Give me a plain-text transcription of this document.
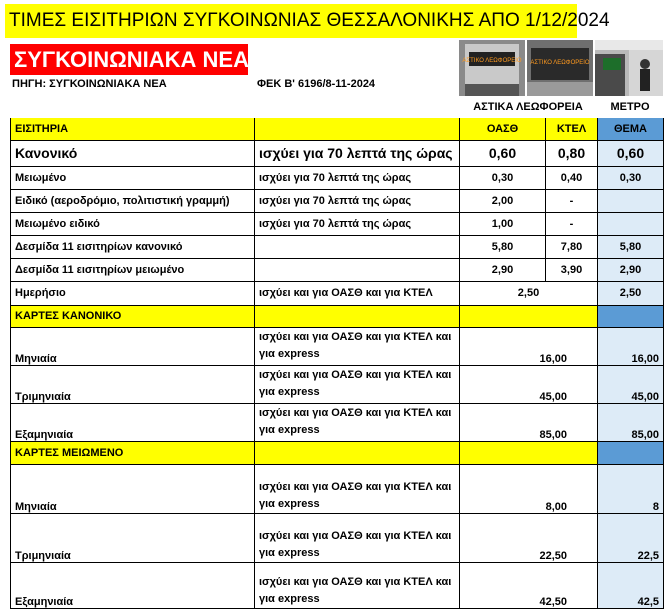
ΤΙΜΕΣ ΕΙΣΙΤΗΡΙΩΝ ΣΥΓΚΟΙΝΩΝΙΑΣ ΘΕΣΣΑΛΟΝΙΚΗΣ ΑΠΟ 1/12/2024
ΣΥΓΚΟΙΝΩΝΙΑΚΑ ΝΕΑ	ΑΣΤΙΚΟ ΛΕΩΦΟΡΕΙΟ ΑΣΤΙΚΟ ΛΕΩΦΟΡΕΙΟ
ΠΗΓΗ: ΣΥΓΚΟΙΝΩΝΙΑΚΑ ΝΕΑ	ΦΕΚ Β' 6196/8-11-2024
ΑΣΤΙΚΑ ΛΕΩΦΟΡΕΙΑ	ΜΕΤΡΟ
ΕΙΣΙΤΗΡΙΑ		ΟΑΣΘ	ΚΤΕΛ	ΘΕΜΑ
Κανονικό	ισχύει για 70 λεπτά της ώρας	0,60	0,80	0,60
Μειωμένο	ισχύει για 70 λεπτά της ώρας	0,30	0,40	0,30
Ειδικό (αεροδρόμιο, πολιτιστική γραμμή)	ισχύει για 70 λεπτά της ώρας	2,00	-	
Μειωμένο ειδικό	ισχύει για 70 λεπτά της ώρας	1,00	-	
Δεσμίδα 11 εισιτηρίων κανονικό		5,80	7,80	5,80
Δεσμίδα 11 εισιτηρίων μειωμένο		2,90	3,90	2,90
Ημερήσιο	ισχύει και για ΟΑΣΘ και για ΚΤΕΛ	2,50		2,50
ΚΑΡΤΕΣ ΚΑΝΟΝΙΚΟ				
Μηνιαία	ισχύει και για ΟΑΣΘ και για ΚΤΕΛ και για express	16,00		16,00
Τριμηνιαία	ισχύει και για ΟΑΣΘ και για ΚΤΕΛ και για express	45,00		45,00
Εξαμηνιαία	ισχύει και για ΟΑΣΘ και για ΚΤΕΛ και για express	85,00		85,00
ΚΑΡΤΕΣ ΜΕΙΩΜΕΝΟ				
Μηνιαία	ισχύει και για ΟΑΣΘ και για ΚΤΕΛ και για express	8,00		8
Τριμηνιαία	ισχύει και για ΟΑΣΘ και για ΚΤΕΛ και για express	22,50		22,5
Εξαμηνιαία	ισχύει και για ΟΑΣΘ και για ΚΤΕΛ και για express	42,50		42,5
